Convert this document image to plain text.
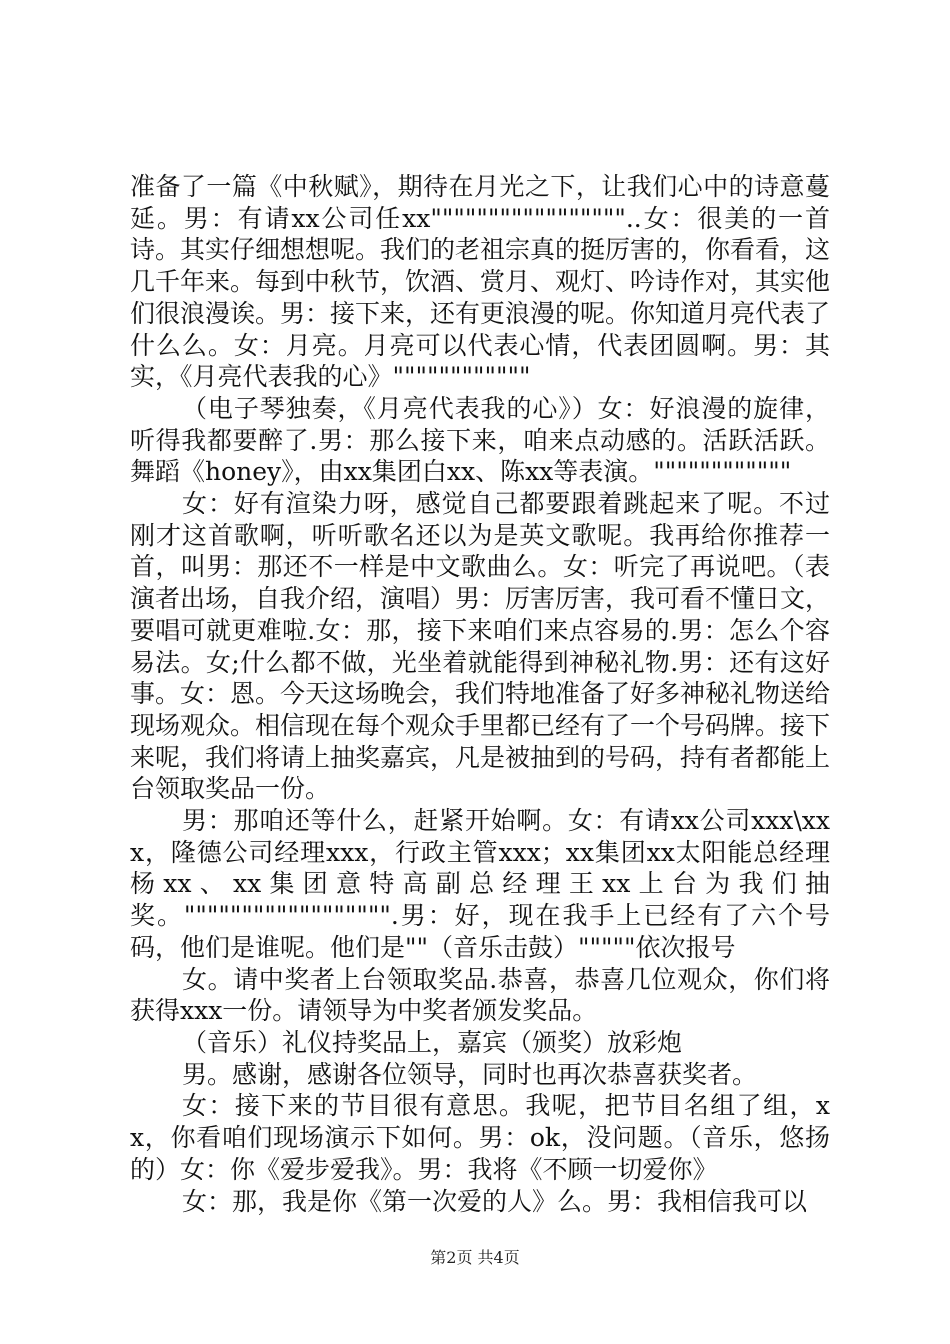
准备了一篇《中秋赋》，期待在月光之下，让我们心中的诗意蔓延。男：有请xx公司任xx"""""""""""""""""..女：很美的一首诗。其实仔细想想呢。我们的老祖宗真的挺厉害的，你看看，这几千年来。每到中秋节，饮酒、赏月、观灯、吟诗作对，其实他们很浪漫诶。男：接下来，还有更浪漫的呢。你知道月亮代表了什么么。女：月亮。月亮可以代表心情，代表团圆啊。男：其实，《月亮代表我的心》""""""""""""

（电子琴独奏，《月亮代表我的心》）女：好浪漫的旋律，听得我都要醉了.男：那么接下来，咱来点动感的。活跃活跃。舞蹈《honey》，由xx集团白xx、陈xx等表演。""""""""""""

女：好有渲染力呀，感觉自己都要跟着跳起来了呢。不过刚才这首歌啊，听听歌名还以为是英文歌呢。我再给你推荐一首，叫男：那还不一样是中文歌曲么。女：听完了再说吧。（表演者出场，自我介绍，演唱）男：厉害厉害，我可看不懂日文，要唱可就更难啦.女：那，接下来咱们来点容易的.男：怎么个容易法。女;什么都不做，光坐着就能得到神秘礼物.男：还有这好事。女：恩。今天这场晚会，我们特地准备了好多神秘礼物送给现场观众。相信现在每个观众手里都已经有了一个号码牌。接下来呢，我们将请上抽奖嘉宾，凡是被抽到的号码，持有者都能上台领取奖品一份。

男：那咱还等什么，赶紧开始啊。女：有请xx公司xxx\xxx，隆德公司经理xxx，行政主管xxx；xx集团xx太阳能总经理杨xx、xx集团意特高副总经理王xx上台为我们抽奖。"""""""""""""""""".男：好，现在我手上已经有了六个号码，他们是谁呢。他们是""（音乐击鼓）"""""依次报号

女。请中奖者上台领取奖品.恭喜，恭喜几位观众，你们将获得xxx一份。请领导为中奖者颁发奖品。

（音乐）礼仪持奖品上，嘉宾（颁奖）放彩炮

男。感谢，感谢各位领导，同时也再次恭喜获奖者。

女：接下来的节目很有意思。我呢，把节目名组了组，xx，你看咱们现场演示下如何。男：ok，没问题。（音乐，悠扬的）女：你《爱步爱我》。男：我将《不顾一切爱你》

女：那，我是你《第一次爱的人》么。男：我相信我可以

第2页 共4页
